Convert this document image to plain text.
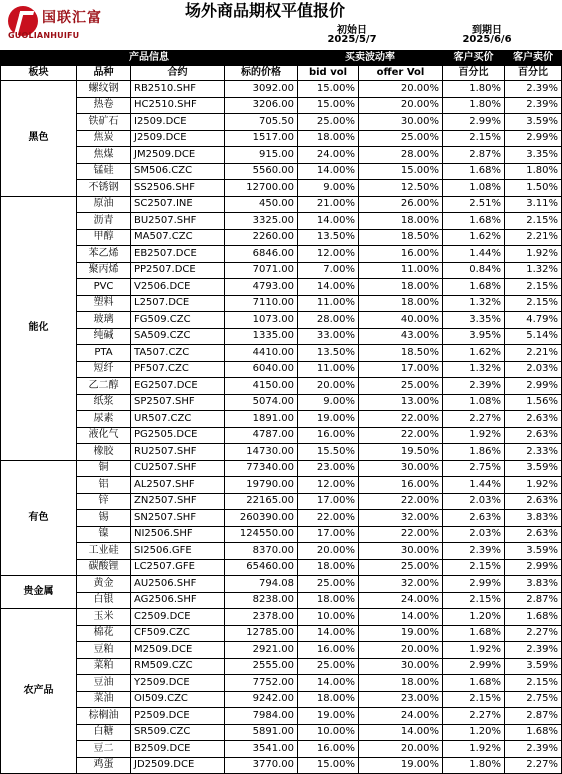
国联汇富
GUOLIANHUIFU
场外商品期权平值报价
初始日
2025/5/7
到期日
2025/6/6
产品信息				买卖波动率		客户买价	客户卖价
板块	品种	合约	标的价格	bid vol	offer Vol	百分比	百分比
黑色	螺纹钢	RB2510.SHF	3092.00	15.00%	20.00%	1.80%	2.39%
	热卷	HC2510.SHF	3206.00	15.00%	20.00%	1.80%	2.39%
	铁矿石	I2509.DCE	705.50	25.00%	30.00%	2.99%	3.59%
	焦炭	J2509.DCE	1517.00	18.00%	25.00%	2.15%	2.99%
	焦煤	JM2509.DCE	915.00	24.00%	28.00%	2.87%	3.35%
	锰硅	SM506.CZC	5560.00	14.00%	15.00%	1.68%	1.80%
	不锈钢	SS2506.SHF	12700.00	9.00%	12.50%	1.08%	1.50%
能化	原油	SC2507.INE	450.00	21.00%	26.00%	2.51%	3.11%
	沥青	BU2507.SHF	3325.00	14.00%	18.00%	1.68%	2.15%
	甲醇	MA507.CZC	2260.00	13.50%	18.50%	1.62%	2.21%
	苯乙烯	EB2507.DCE	6846.00	12.00%	16.00%	1.44%	1.92%
	聚丙烯	PP2507.DCE	7071.00	7.00%	11.00%	0.84%	1.32%
	PVC	V2506.DCE	4793.00	14.00%	18.00%	1.68%	2.15%
	塑料	L2507.DCE	7110.00	11.00%	18.00%	1.32%	2.15%
	玻璃	FG509.CZC	1073.00	28.00%	40.00%	3.35%	4.79%
	纯碱	SA509.CZC	1335.00	33.00%	43.00%	3.95%	5.14%
	PTA	TA507.CZC	4410.00	13.50%	18.50%	1.62%	2.21%
	短纤	PF507.CZC	6040.00	11.00%	17.00%	1.32%	2.03%
	乙二醇	EG2507.DCE	4150.00	20.00%	25.00%	2.39%	2.99%
	纸浆	SP2507.SHF	5074.00	9.00%	13.00%	1.08%	1.56%
	尿素	UR507.CZC	1891.00	19.00%	22.00%	2.27%	2.63%
	液化气	PG2505.DCE	4787.00	16.00%	22.00%	1.92%	2.63%
	橡胶	RU2507.SHF	14730.00	15.50%	19.50%	1.86%	2.33%
有色	铜	CU2507.SHF	77340.00	23.00%	30.00%	2.75%	3.59%
	铝	AL2507.SHF	19790.00	12.00%	16.00%	1.44%	1.92%
	锌	ZN2507.SHF	22165.00	17.00%	22.00%	2.03%	2.63%
	锡	SN2507.SHF	260390.00	22.00%	32.00%	2.63%	3.83%
	镍	NI2506.SHF	124550.00	17.00%	22.00%	2.03%	2.63%
	工业硅	SI2506.GFE	8370.00	20.00%	30.00%	2.39%	3.59%
	碳酸锂	LC2507.GFE	65460.00	18.00%	25.00%	2.15%	2.99%
贵金属	黄金	AU2506.SHF	794.08	25.00%	32.00%	2.99%	3.83%
	白银	AG2506.SHF	8238.00	18.00%	24.00%	2.15%	2.87%
农产品	玉米	C2509.DCE	2378.00	10.00%	14.00%	1.20%	1.68%
	棉花	CF509.CZC	12785.00	14.00%	19.00%	1.68%	2.27%
	豆粕	M2509.DCE	2921.00	16.00%	20.00%	1.92%	2.39%
	菜粕	RM509.CZC	2555.00	25.00%	30.00%	2.99%	3.59%
	豆油	Y2509.DCE	7752.00	14.00%	18.00%	1.68%	2.15%
	菜油	OI509.CZC	9242.00	18.00%	23.00%	2.15%	2.75%
	棕榈油	P2509.DCE	7984.00	19.00%	24.00%	2.27%	2.87%
	白糖	SR509.CZC	5891.00	10.00%	14.00%	1.20%	1.68%
	豆二	B2509.DCE	3541.00	16.00%	20.00%	1.92%	2.39%
	鸡蛋	JD2509.DCE	3770.00	15.00%	19.00%	1.80%	2.27%
